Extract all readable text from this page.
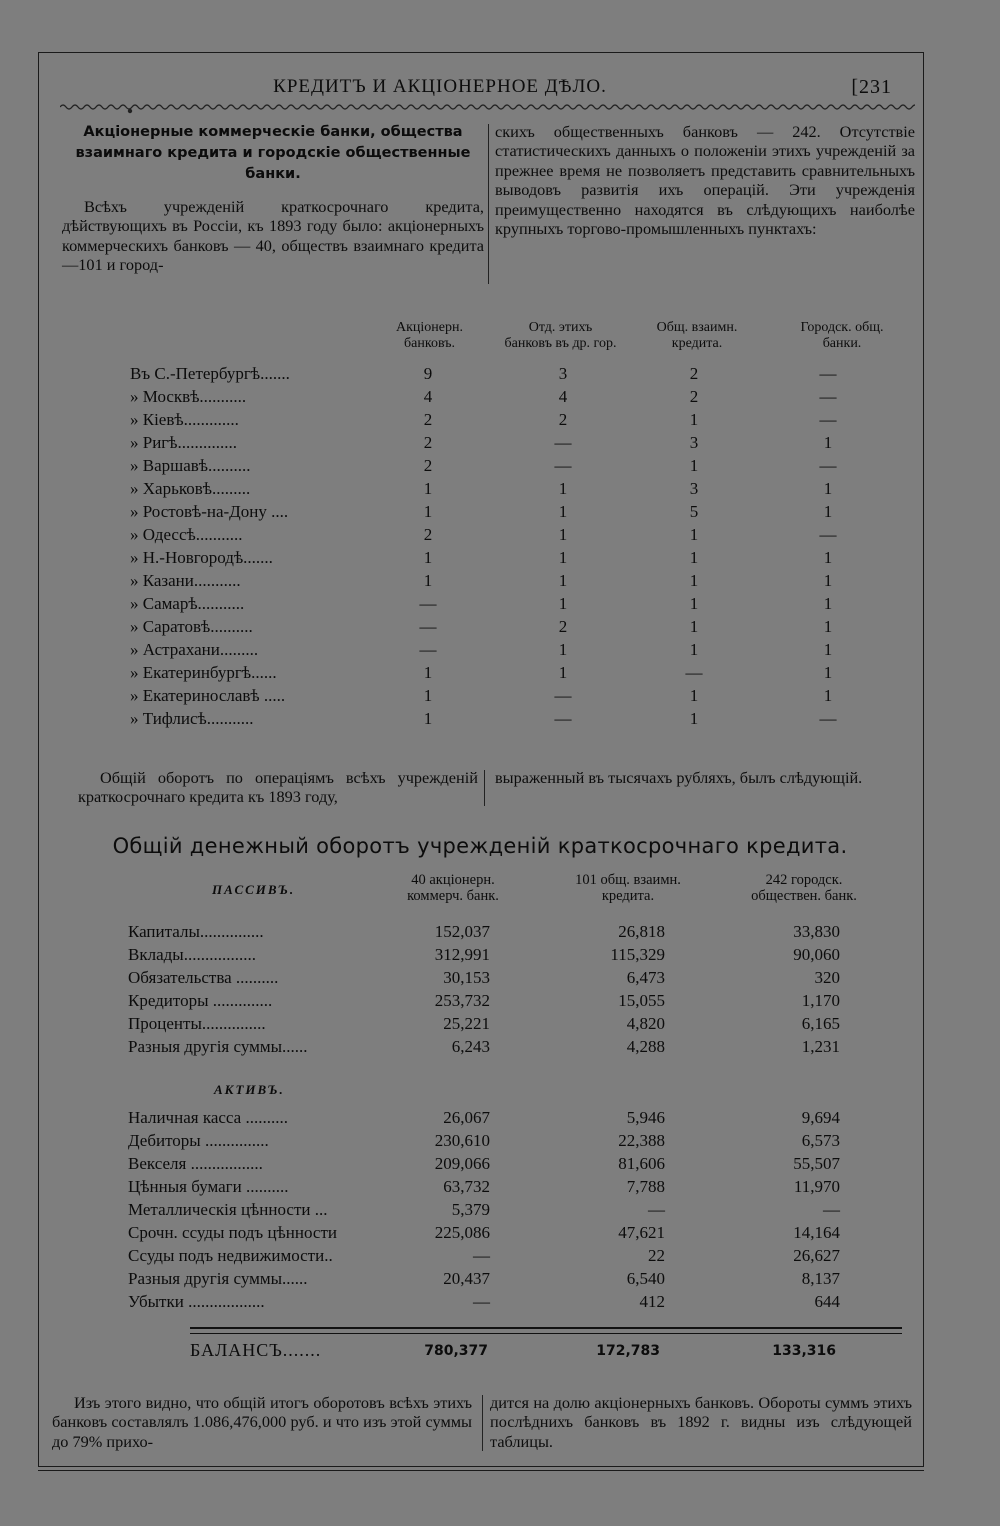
КРЕДИТЪ И АКЦІОНЕРНОЕ ДѢЛО.	[231
Акціонерные коммерческіе банки, общества
взаимнаго кредита и городскіе общественные
банки.

Всѣхъ учрежденій краткосрочнаго кредита, дѣйствующихъ въ Россіи, къ 1893 году было: акціонерныхъ коммерческихъ банковъ — 40, обществъ взаимнаго кредита—101 и город-

скихъ общественныхъ банковъ — 242. Отсутствіе статистическихъ данныхъ о положеніи этихъ учрежденій за прежнее время не позволяетъ представить сравнительныхъ выводовъ развитія ихъ операцій. Эти учрежденія преимущественно находятся въ слѣдующихъ наиболѣе крупныхъ торгово-промышленныхъ пунктахъ:

Акціонерн.
банковъ.
Отд. этихъ
банковъ въ др. гор.
Общ. взаимн.
кредита.
Городск. общ.
банки.
Въ С.-Петербургѣ.......	9	3	2	—
» Москвѣ...........	4	4	2	—
» Кіевѣ.............	2	2	1	—
» Ригѣ..............	2	—	3	1
» Варшавѣ..........	2	—	1	—
» Харьковѣ.........	1	1	3	1
» Ростовѣ-на-Дону ....	1	1	5	1
» Одессѣ...........	2	1	1	—
» Н.-Новгородѣ.......	1	1	1	1
» Казани...........	1	1	1	1
» Самарѣ...........	—	1	1	1
» Саратовѣ..........	—	2	1	1
» Астрахани.........	—	1	1	1
» Екатеринбургѣ......	1	1	—	1
» Екатеринославѣ .....	1	—	1	1
» Тифлисѣ...........	1	—	1	—

Общій оборотъ по операціямъ всѣхъ учрежденій краткосрочнаго кредита къ 1893 году,

выраженный въ тысячахъ рубляхъ, былъ слѣдующій.

Общій денежный оборотъ учрежденій краткосрочнаго кредита.
ПАССИВЪ.
40 акціонерн.
коммерч. банк.
101 общ. взаимн.
кредита.
242 городск.
обществен. банк.
Капиталы...............	152,037	26,818	33,830
Вклады.................	312,991	115,329	90,060
Обязательства ..........	30,153	6,473	320
Кредиторы ..............	253,732	15,055	1,170
Проценты...............	25,221	4,820	6,165
Разныя другія суммы......	6,243	4,288	1,231
АКТИВЪ.
Наличная касса ..........	26,067	5,946	9,694
Дебиторы ...............	230,610	22,388	6,573
Векселя .................	209,066	81,606	55,507
Цѣнныя бумаги ..........	63,732	7,788	11,970
Металлическія цѣнности ...	5,379	—	—
Срочн. ссуды подъ цѣнности	225,086	47,621	14,164
Ссуды подъ недвижимости..	—	22	26,627
Разныя другія суммы......	20,437	6,540	8,137
Убытки ..................	—	412	644
БАЛАНСЪ.......	780,377	172,783	133,316

Изъ этого видно, что общій итогъ оборотовъ всѣхъ этихъ банковъ составлялъ 1.086,476,000 руб. и что изъ этой суммы до 79% прихо-

дится на долю акціонерныхъ банковъ. Обороты суммъ этихъ послѣднихъ банковъ въ 1892 г. видны изъ слѣдующей таблицы.
